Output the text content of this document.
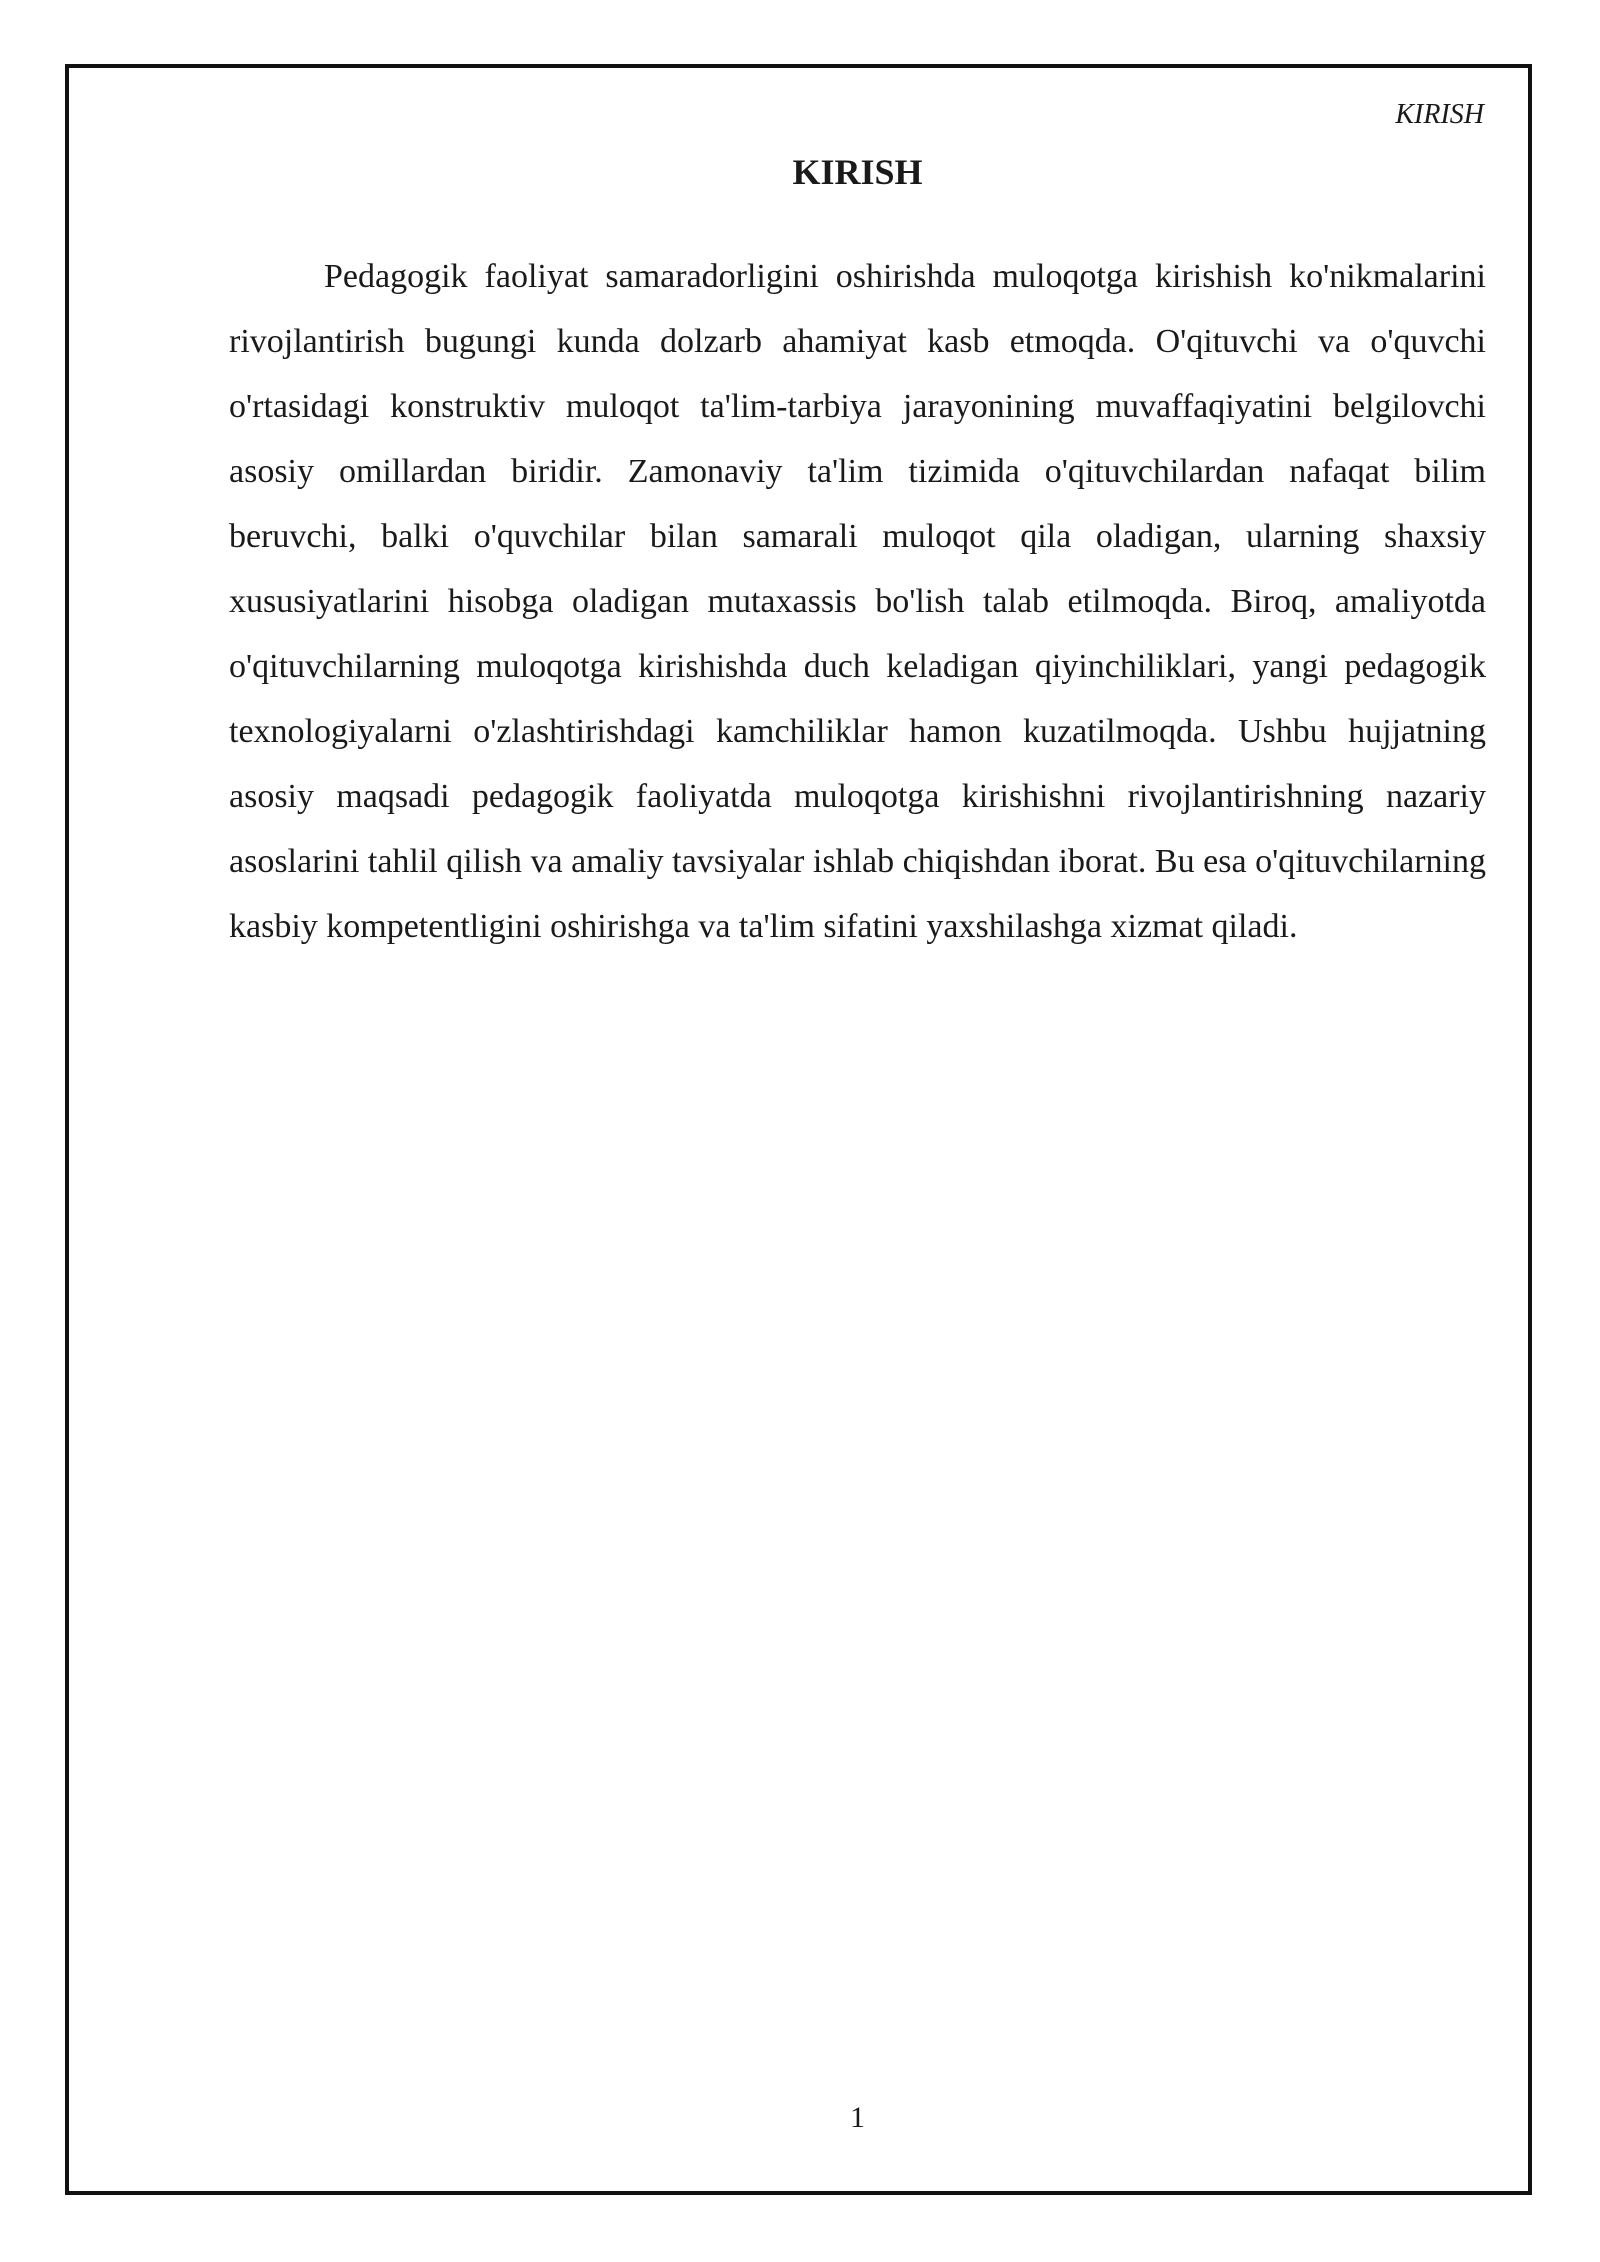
KIRISH
KIRISH

Pedagogik faoliyat samaradorligini oshirishda muloqotga kirishish ko'nikmalarini rivojlantirish bugungi kunda dolzarb ahamiyat kasb etmoqda. O'qituvchi va o'quvchi o'rtasidagi konstruktiv muloqot ta'lim-tarbiya jarayonining muvaffaqiyatini belgilovchi asosiy omillardan biridir. Zamonaviy ta'lim tizimida o'qituvchilardan nafaqat bilim beruvchi, balki o'quvchilar bilan samarali muloqot qila oladigan, ularning shaxsiy xususiyatlarini hisobga oladigan mutaxassis bo'lish talab etilmoqda. Biroq, amaliyotda o'qituvchilarning muloqotga kirishishda duch keladigan qiyinchiliklari, yangi pedagogik texnologiyalarni o'zlashtirishdagi kamchiliklar hamon kuzatilmoqda. Ushbu hujjatning asosiy maqsadi pedagogik faoliyatda muloqotga kirishishni rivojlantirishning nazariy asoslarini tahlil qilish va amaliy tavsiyalar ishlab chiqishdan iborat. Bu esa o'qituvchilarning kasbiy kompetentligini oshirishga va ta'lim sifatini yaxshilashga xizmat qiladi.

1
